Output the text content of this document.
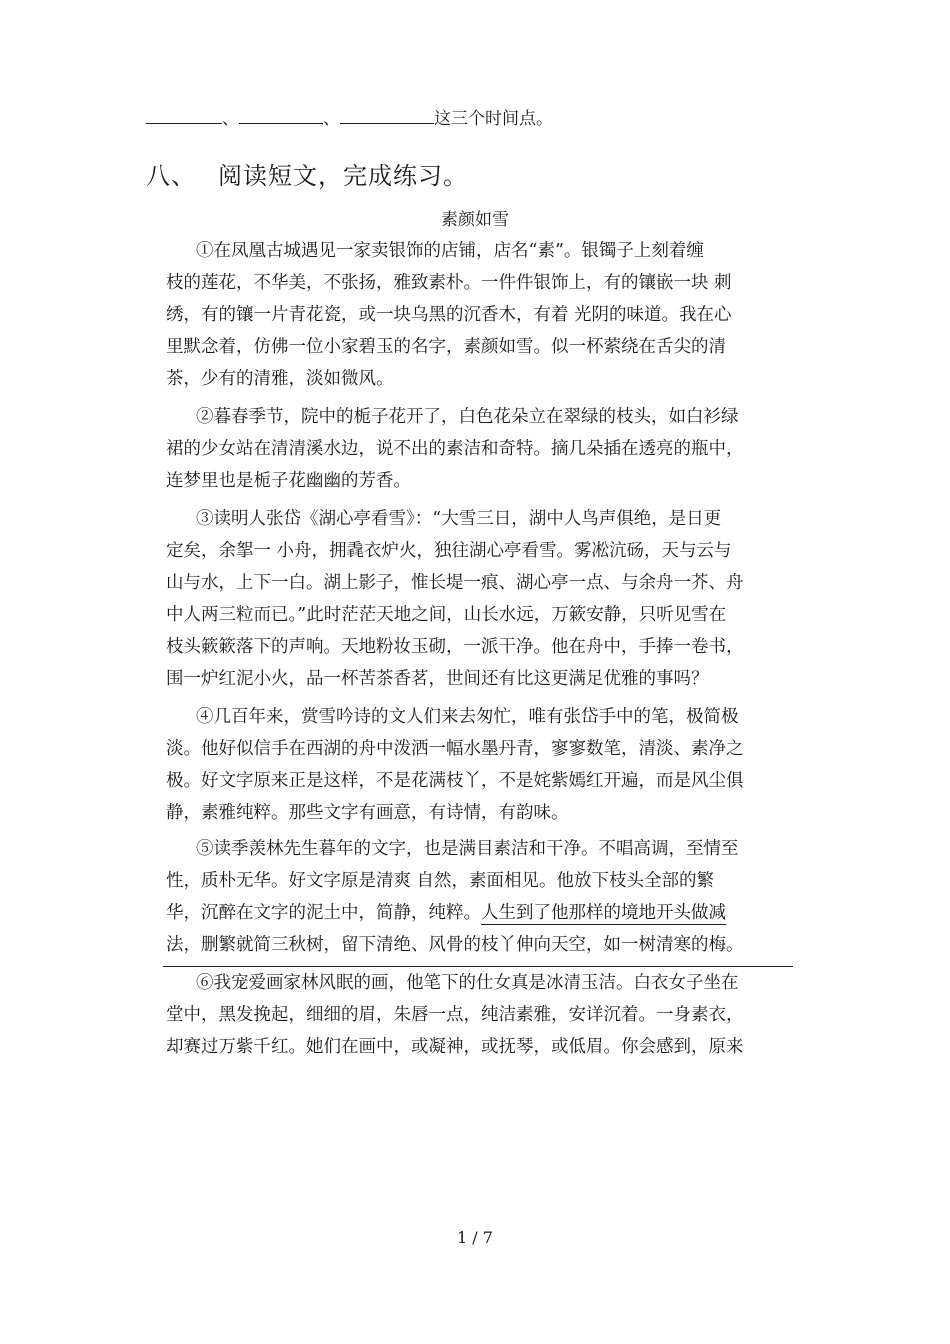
、	、	这三个时间点。
八、 阅读短文，完成练习。
素颜如雪
①在凤凰古城遇见一家卖银饰的店铺，店名“素”。银镯子上刻着缠
枝的莲花，不华美，不张扬，雅致素朴。一件件银饰上，有的镶嵌一块 刺
绣，有的镶一片青花瓷，或一块乌黑的沉香木，有着 光阴的味道。我在心
里默念着，仿佛一位小家碧玉的名字，素颜如雪。似一杯萦绕在舌尖的清
茶，少有的清雅，淡如微风。
②暮春季节，院中的栀子花开了，白色花朵立在翠绿的枝头，如白衫绿
裙的少女站在清清溪水边，说不出的素洁和奇特。摘几朵插在透亮的瓶中，
连梦里也是栀子花幽幽的芳香。
③读明人张岱《湖心亭看雪》：“大雪三日，湖中人鸟声俱绝，是日更
定矣，余挐一 小舟，拥毳衣炉火，独往湖心亭看雪。雾凇沆砀，天与云与
山与水，上下一白。湖上影子，惟长堤一痕、湖心亭一点、与余舟一芥、舟
中人两三粒而已。”此时茫茫天地之间，山长水远，万簌安静，只听见雪在
枝头簌簌落下的声响。天地粉妆玉砌，一派干净。他在舟中，手捧一卷书，
围一炉红泥小火，品一杯苦茶香茗，世间还有比这更满足优雅的事吗？
④几百年来，赏雪吟诗的文人们来去匆忙，唯有张岱手中的笔，极简极
淡。他好似信手在西湖的舟中泼洒一幅水墨丹青，寥寥数笔，清淡、素净之
极。好文字原来正是这样，不是花满枝丫，不是姹紫嫣红开遍，而是风尘俱
静，素雅纯粹。那些文字有画意，有诗情，有韵味。
⑤读季羡林先生暮年的文字，也是满目素洁和干净。不唱高调，至情至
性，质朴无华。好文字原是清爽 自然，素面相见。他放下枝头全部的繁
华，沉醉在文字的泥土中，简静，纯粹。人生到了他那样的境地开头做减
法，删繁就简三秋树，留下清绝、风骨的枝丫伸向天空，如一树清寒的梅。
⑥我宠爱画家林风眠的画，他笔下的仕女真是冰清玉洁。白衣女子坐在
堂中，黑发挽起，细细的眉，朱唇一点，纯洁素雅，安详沉着。一身素衣，
却赛过万紫千红。她们在画中，或凝神，或抚琴，或低眉。你会感到，原来
1 / 7
